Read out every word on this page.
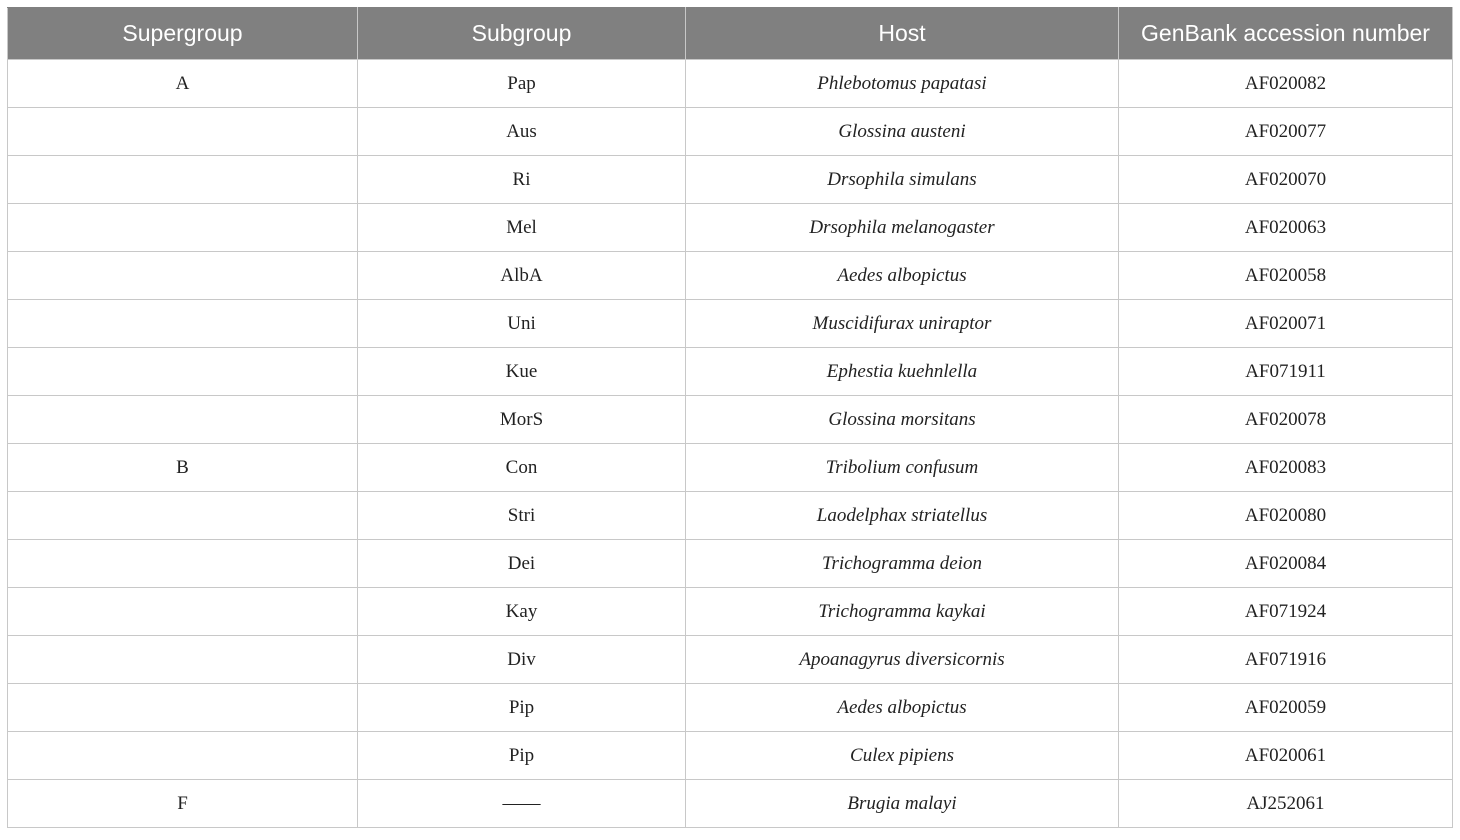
Supergroup	Subgroup	Host	GenBank accession number
A	Pap	Phlebotomus papatasi	AF020082
	Aus	Glossina austeni	AF020077
	Ri	Drsophila simulans	AF020070
	Mel	Drsophila melanogaster	AF020063
	AlbA	Aedes albopictus	AF020058
	Uni	Muscidifurax uniraptor	AF020071
	Kue	Ephestia kuehnlella	AF071911
	MorS	Glossina morsitans	AF020078
B	Con	Tribolium confusum	AF020083
	Stri	Laodelphax striatellus	AF020080
	Dei	Trichogramma deion	AF020084
	Kay	Trichogramma kaykai	AF071924
	Div	Apoanagyrus diversicornis	AF071916
	Pip	Aedes albopictus	AF020059
	Pip	Culex pipiens	AF020061
F	——	Brugia malayi	AJ252061
